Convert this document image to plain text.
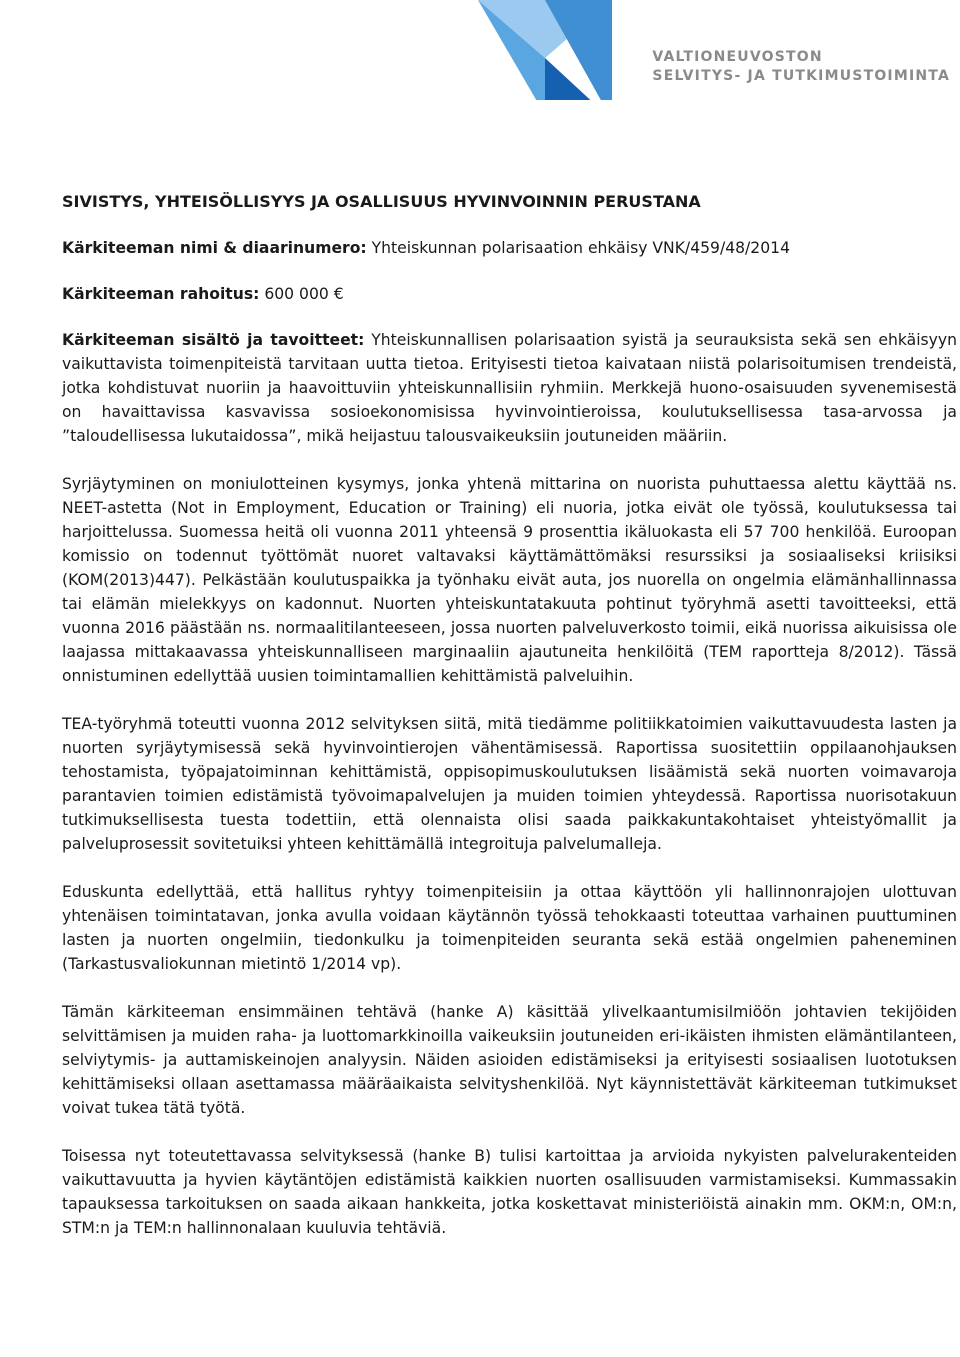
VALTIONEUVOSTON
SELVITYS- JA TUTKIMUSTOIMINTA

SIVISTYS, YHTEISÖLLISYYS JA OSALLISUUS HYVINVOINNIN PERUSTANA

Kärkiteeman nimi & diaarinumero: Yhteiskunnan polarisaation ehkäisy VNK/459/48/2014

Kärkiteeman rahoitus: 600 000 €

Kärkiteeman sisältö ja tavoitteet: Yhteiskunnallisen polarisaation syistä ja seurauksista sekä sen ehkäisyyn vaikuttavista toimenpiteistä tarvitaan uutta tietoa. Erityisesti tietoa kaivataan niistä polarisoitumisen trendeistä, jotka kohdistuvat nuoriin ja haavoittuviin yhteiskunnallisiin ryhmiin. Merkkejä huono-osaisuuden syvenemisestä on havaittavissa kasvavissa sosioekonomisissa hyvinvointieroissa, koulutuksellisessa tasa-arvossa ja ”taloudellisessa lukutaidossa”, mikä heijastuu talousvaikeuksiin joutuneiden määriin.

Syrjäytyminen on moniulotteinen kysymys, jonka yhtenä mittarina on nuorista puhuttaessa alettu käyttää ns. NEET-astetta (Not in Employment, Education or Training) eli nuoria, jotka eivät ole työssä, koulutuksessa tai harjoittelussa. Suomessa heitä oli vuonna 2011 yhteensä 9 prosenttia ikäluokasta eli 57 700 henkilöä. Euroopan komissio on todennut työttömät nuoret valtavaksi käyttämättömäksi resurssiksi ja sosiaaliseksi kriisiksi (KOM(2013)447). Pelkästään koulutuspaikka ja työnhaku eivät auta, jos nuorella on ongelmia elämänhallinnassa tai elämän mielekkyys on kadonnut. Nuorten yhteiskuntatakuuta pohtinut työryhmä asetti tavoitteeksi, että vuonna 2016 päästään ns. normaalitilanteeseen, jossa nuorten palveluverkosto toimii, eikä nuorissa aikuisissa ole laajassa mittakaavassa yhteiskunnalliseen marginaaliin ajautuneita henkilöitä (TEM raportteja 8/2012). Tässä onnistuminen edellyttää uusien toimintamallien kehittämistä palveluihin.

TEA-työryhmä toteutti vuonna 2012 selvityksen siitä, mitä tiedämme politiikkatoimien vaikuttavuudesta lasten ja nuorten syrjäytymisessä sekä hyvinvointierojen vähentämisessä. Raportissa suositettiin oppilaanohjauksen tehostamista, työpajatoiminnan kehittämistä, oppisopimuskoulutuksen lisäämistä sekä nuorten voimavaroja parantavien toimien edistämistä työvoimapalvelujen ja muiden toimien yhteydessä. Raportissa nuorisotakuun tutkimuksellisesta tuesta todettiin, että olennaista olisi saada paikkakuntakohtaiset yhteistyömallit ja palveluprosessit sovitetuiksi yhteen kehittämällä integroituja palvelumalleja.

Eduskunta edellyttää, että hallitus ryhtyy toimenpiteisiin ja ottaa käyttöön yli hallinnonrajojen ulottuvan yhtenäisen toimintatavan, jonka avulla voidaan käytännön työssä tehokkaasti toteuttaa varhainen puuttuminen lasten ja nuorten ongelmiin, tiedonkulku ja toimenpiteiden seuranta sekä estää ongelmien paheneminen (Tarkastusvaliokunnan mietintö 1/2014 vp).

Tämän kärkiteeman ensimmäinen tehtävä (hanke A) käsittää ylivelkaantumisilmiöön johtavien tekijöiden selvittämisen ja muiden raha- ja luottomarkkinoilla vaikeuksiin joutuneiden eri-ikäisten ihmisten elämäntilanteen, selviytymis- ja auttamiskeinojen analyysin. Näiden asioiden edistämiseksi ja erityisesti sosiaalisen luototuksen kehittämiseksi ollaan asettamassa määräaikaista selvityshenkilöä. Nyt käynnistettävät kärkiteeman tutkimukset voivat tukea tätä työtä.

Toisessa nyt toteutettavassa selvityksessä (hanke B) tulisi kartoittaa ja arvioida nykyisten palvelurakenteiden vaikuttavuutta ja hyvien käytäntöjen edistämistä kaikkien nuorten osallisuuden varmistamiseksi. Kummassakin tapauksessa tarkoituksen on saada aikaan hankkeita, jotka koskettavat ministeriöistä ainakin mm. OKM:n, OM:n, STM:n ja TEM:n hallinnonalaan kuuluvia tehtäviä.
